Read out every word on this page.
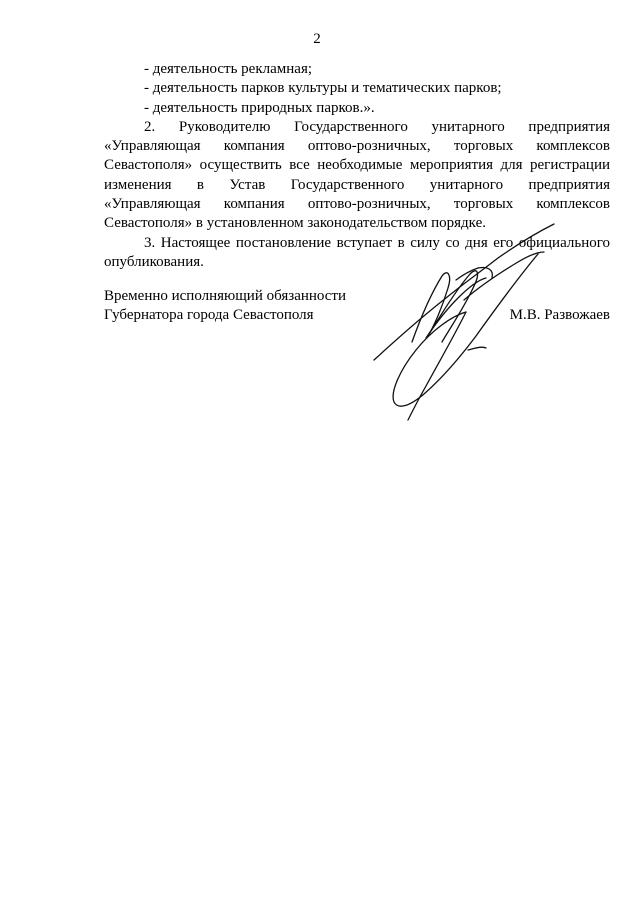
2
- деятельность рекламная;
- деятельность парков культуры и тематических парков;
- деятельность природных парков.».
2. Руководителю Государственного унитарного предприятия
«Управляющая компания оптово-розничных, торговых комплексов
Севастополя» осуществить все необходимые мероприятия для регистрации
изменения в Устав Государственного унитарного предприятия
«Управляющая компания оптово-розничных, торговых комплексов
Севастополя» в установленном законодательством порядке.
3. Настоящее постановление вступает в силу со дня его официального
опубликования.
Временно исполняющий обязанности
Губернатора города Севастополя	М.В. Развожаев
